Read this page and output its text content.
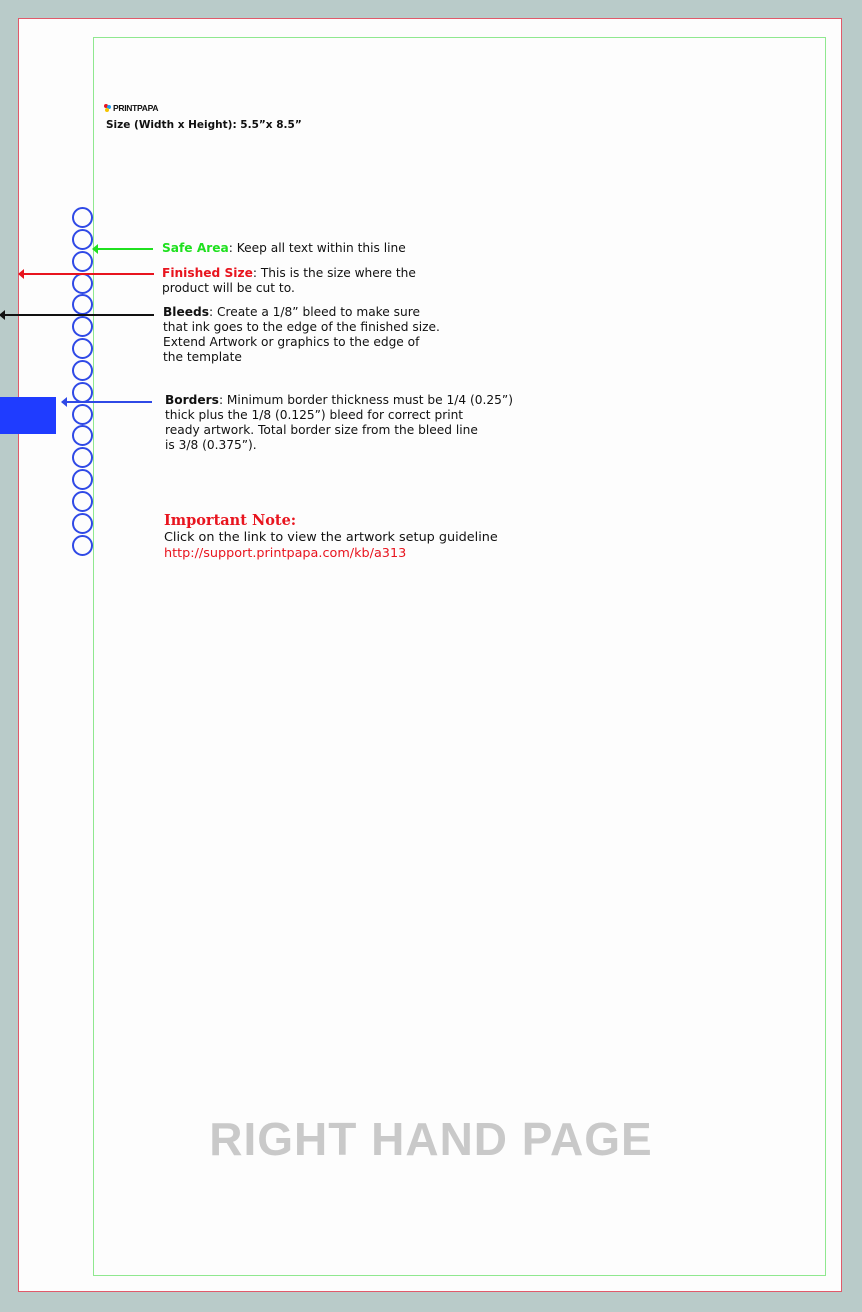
PRINTPAPA
Size (Width x Height): 5.5”x 8.5”
Safe Area: Keep all text within this line
Finished Size: This is the size where the
product will be cut to.
Bleeds: Create a 1/8” bleed to make sure
that ink goes to the edge of the finished size.
Extend Artwork or graphics to the edge of
the template
Borders: Minimum border thickness must be 1/4 (0.25”)
thick plus the 1/8 (0.125”) bleed for correct print
ready artwork. Total border size from the bleed line
is 3/8 (0.375”).
Important Note:
Click on the link to view the artwork setup guideline
http://support.printpapa.com/kb/a313
RIGHT HAND PAGE
